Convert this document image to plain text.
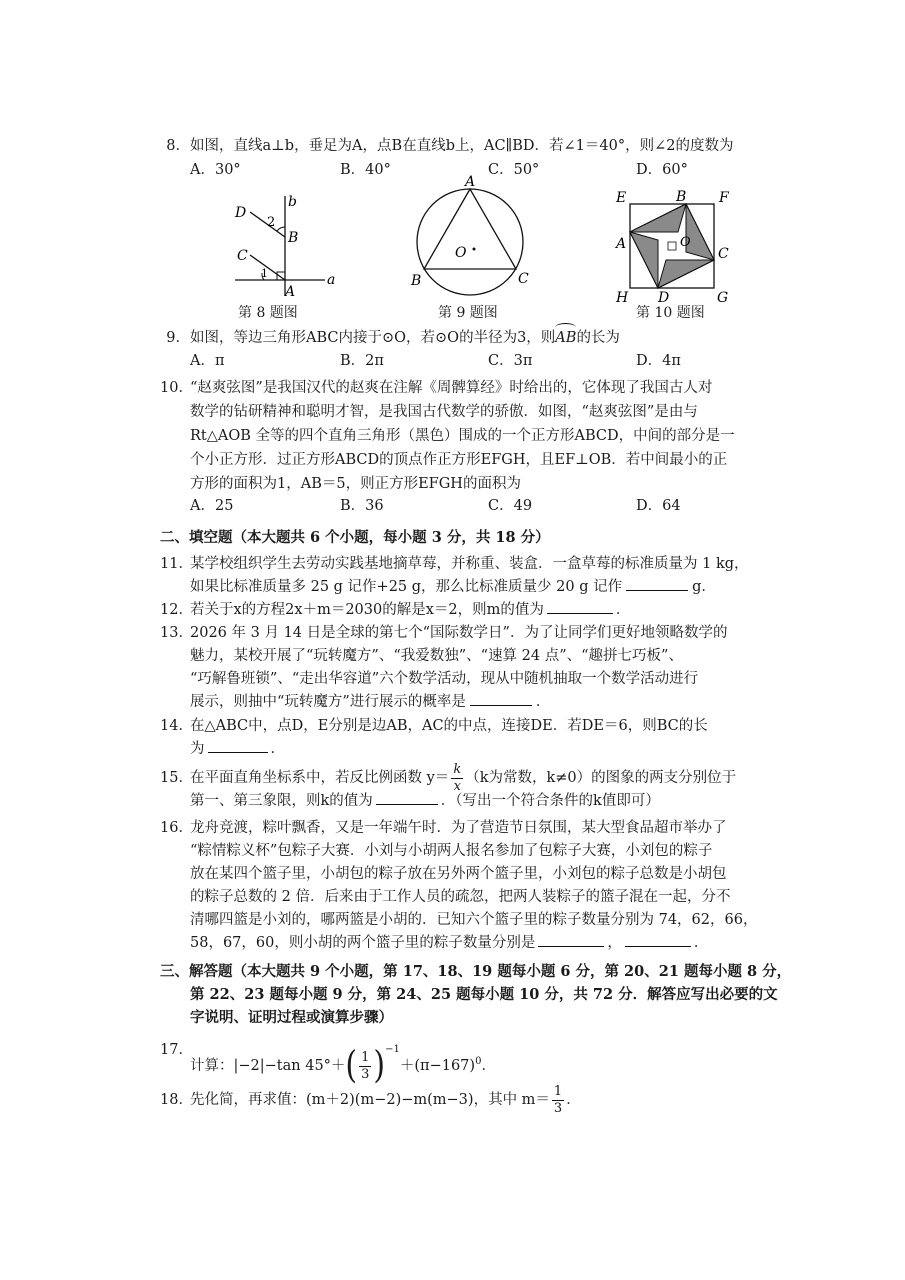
8． 如图，直线a⊥b，垂足为A，点B在直线b上，AC∥BD．若∠1＝40°，则∠2的度数为
A．30°	B．40°	C．50°	D．60°
D
2
b
B
C
1
A
a
第 8 题图
A
O
B	C
第 9 题图
E	B F
A	O
C
H D	G
第 10 题图
9． 如图，等边三角形ABC内接于⊙O，若⊙O的半径为3，则
AB的长为
A．π	B．2π	C．3π	D．4π
10．
“赵爽弦图”是我国汉代的赵爽在注解《周髀算经》时给出的，它体现了我国古人对
数学的钻研精神和聪明才智，是我国古代数学的骄傲．如图，“赵爽弦图”是由与
Rt△AOB 全等的四个直角三角形（黑色）围成的一个正方形ABCD，中间的部分是一
个小正方形．过正方形ABCD的顶点作正方形EFGH，且EF⊥OB．若中间最小的正
方形的面积为1，AB＝5，则正方形EFGH的面积为
A．25	B．36	C．49	D．64
二、填空题（本大题共 6 个小题，每小题 3 分，共 18 分）
11．
某学校组织学生去劳动实践基地摘草莓，并称重、装盒．一盒草莓的标准质量为 1 kg，
如果比标准质量多 25 g 记作+25 g，那么比标准质量少 20 g 记作	g．
12．
若关于x的方程2x＋m＝2030的解是x＝2，则m的值为	．
13．
2026 年 3 月 14 日是全球的第七个“国际数学日”．为了让同学们更好地领略数学的
魅力，某校开展了“玩转魔方”、“我爱数独”、“速算 24 点”、“趣拼七巧板”、
“巧解鲁班锁”、“走出华容道”六个数学活动，现从中随机抽取一个数学活动进行
展示，则抽中“玩转魔方”进行展示的概率是	．
14．
在△ABC中，点D，E分别是边AB，AC的中点，连接DE．若DE＝6，则BC的长
为	．
15．
在平面直角坐标系中，若反比例函数 $y= \frac{k}{x} (k$为常数，k≠0）的图象的两支分别位于
第一、第三象限，则k的值为	．（写出一个符合条件的k值即可）
16．
龙舟竞渡，粽叶飘香，又是一年端午时．为了营造节日氛围，某大型食品超市举办了
“粽情粽义杯”包粽子大赛．小刘与小胡两人报名参加了包粽子大赛，小刘包的粽子
放在某四个篮子里，小胡包的粽子放在另外两个篮子里，小刘包的粽子总数是小胡包
的粽子总数的 2 倍．后来由于工作人员的疏忽，把两人装粽子的篮子混在一起，分不
清哪四篮是小刘的，哪两篮是小胡的．已知六个篮子里的粽子数量分别为 74，62，66，
58，67，60，则小胡的两个篮子里的粽子数量分别是	，	．
三、解答题（本大题共 9 个小题，第 17、18、19 题每小题 6 分，第 20、21 题每小题 8 分，
第 22、23 题每小题 9 分，第 24、25 题每小题 10 分，共 72 分．解答应写出必要的文
字说明、证明过程或演算步骤）
17．
计算：|−2|−tan $45^\circ+( \frac{1}{3} )^{-1}+(\pi-167)^0$．
18．
先化简，再求值：(m＋2)(m−2)−m(m−3)，其中 $m= \frac{1}{3}$ ．
